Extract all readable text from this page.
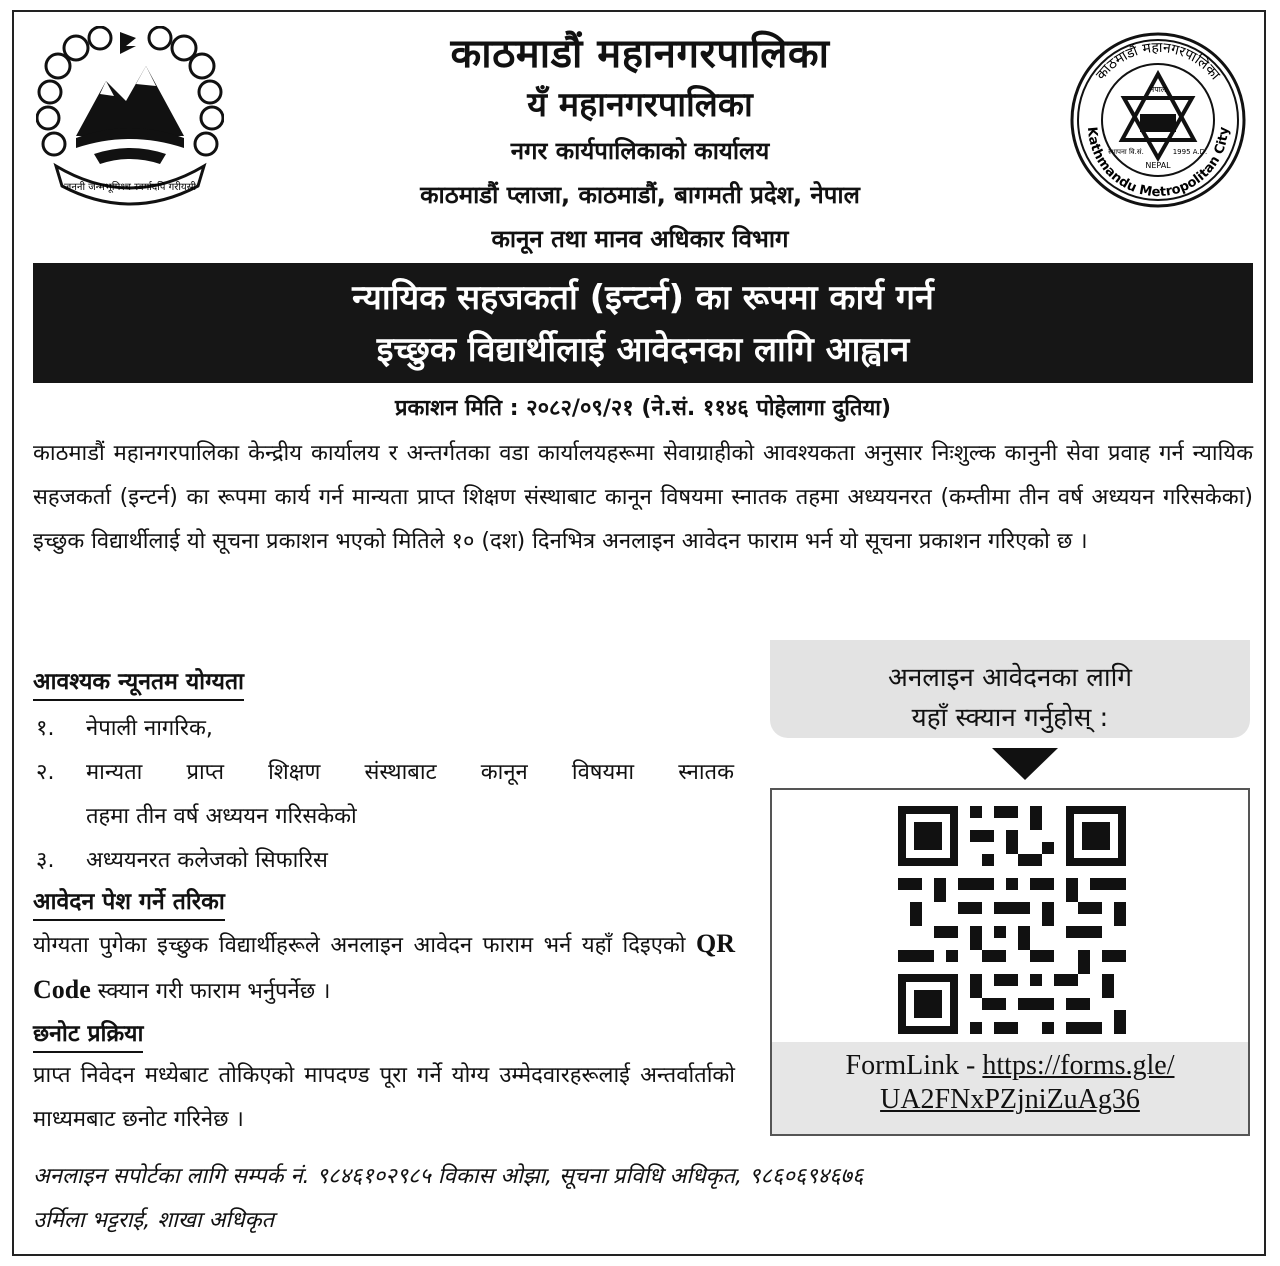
जननी जन्मभूमिश्च स्वर्गादपि गरीयसी
काठमाडौं महानगरपालिका
Kathmandu Metropolitan City
नेपाल
NEPAL
1995 A.D.
स्थापना वि.सं.
काठमाडौं महानगरपालिका
यँ महानगरपालिका
नगर कार्यपालिकाको कार्यालय
काठमाडौं प्लाजा, काठमाडौं, बागमती प्रदेश, नेपाल
कानून तथा मानव अधिकार विभाग
न्यायिक सहजकर्ता (इन्टर्न) का रूपमा कार्य गर्न
इच्छुक विद्यार्थीलाई आवेदनका लागि आह्वान
प्रकाशन मिति : २०८२/०९/२१ (ने.सं. ११४६ पोहेलागा दुतिया)
काठमाडौं महानगरपालिका केन्द्रीय कार्यालय र अन्तर्गतका वडा कार्यालयहरूमा सेवाग्राहीको आवश्यकता अनुसार निःशुल्क कानुनी सेवा प्रवाह गर्न न्यायिक सहजकर्ता (इन्टर्न) का रूपमा कार्य गर्न मान्यता प्राप्त शिक्षण संस्थाबाट कानून विषयमा स्नातक तहमा अध्ययनरत (कम्तीमा तीन वर्ष अध्ययन गरिसकेका) इच्छुक विद्यार्थीलाई यो सूचना प्रकाशन भएको मितिले १० (दश) दिनभित्र अनलाइन आवेदन फाराम भर्न यो सूचना प्रकाशन गरिएको छ ।
आवश्यक न्यूनतम योग्यता
१. नेपाली नागरिक,
२. मान्यता प्राप्त शिक्षण संस्थाबाट कानून विषयमा स्नातक
तहमा तीन वर्ष अध्ययन गरिसकेको
३. अध्ययनरत कलेजको सिफारिस
आवेदन पेश गर्ने तरिका
योग्यता पुगेका इच्छुक विद्यार्थीहरूले अनलाइन आवेदन फाराम भर्न यहाँ दिइएको QR Code स्क्यान गरी फाराम भर्नुपर्नेछ ।
छनोट प्रक्रिया
प्राप्त निवेदन मध्येबाट तोकिएको मापदण्ड पूरा गर्ने योग्य उम्मेदवारहरूलाई अन्तर्वार्ताको माध्यमबाट छनोट गरिनेछ ।
अनलाइन आवेदनका लागि
यहाँ स्क्यान गर्नुहोस् :
FormLink - https://forms.gle/
UA2FNxPZjniZuAg36
अनलाइन सपोर्टका लागि सम्पर्क नं. ९८४६१०२९८५ विकास ओझा, सूचना प्रविधि अधिकृत, ९८६०६९४६७६
उर्मिला भट्टराई, शाखा अधिकृत
